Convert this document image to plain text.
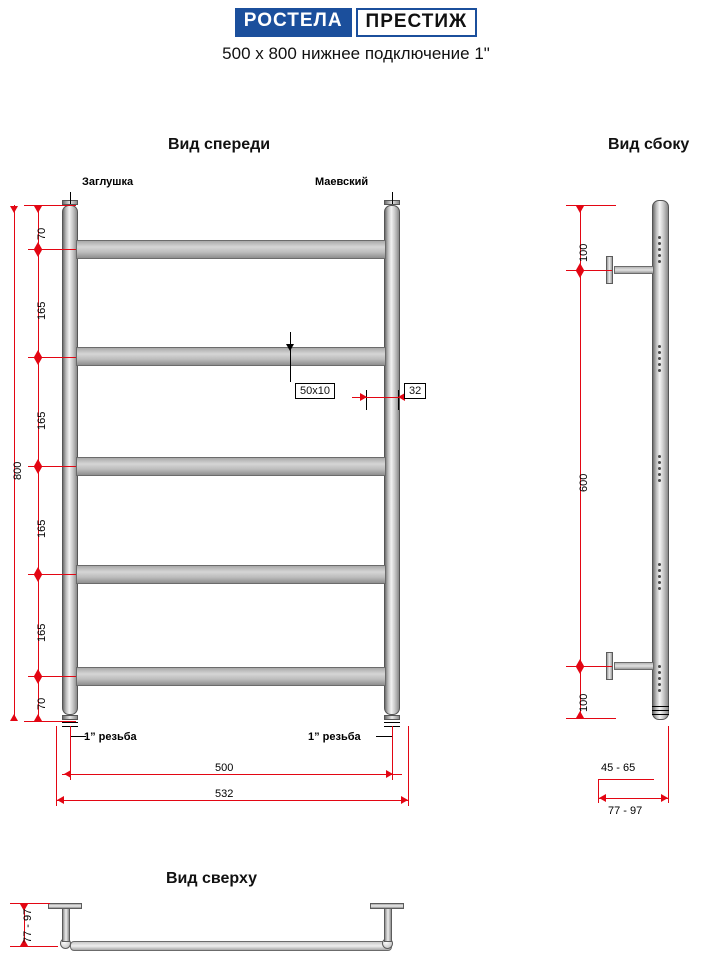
РОСТЕЛА	ПРЕСТИЖ
500 x 800 нижнее подключение 1"
Вид спереди	Вид сбоку
Вид сверху
Заглушка	Маевский
1” резьба	1” резьба
50x10	32
70
165
165
165
165
70
800
500
532
100
600
100
45 - 65
77 - 97
77 - 97
